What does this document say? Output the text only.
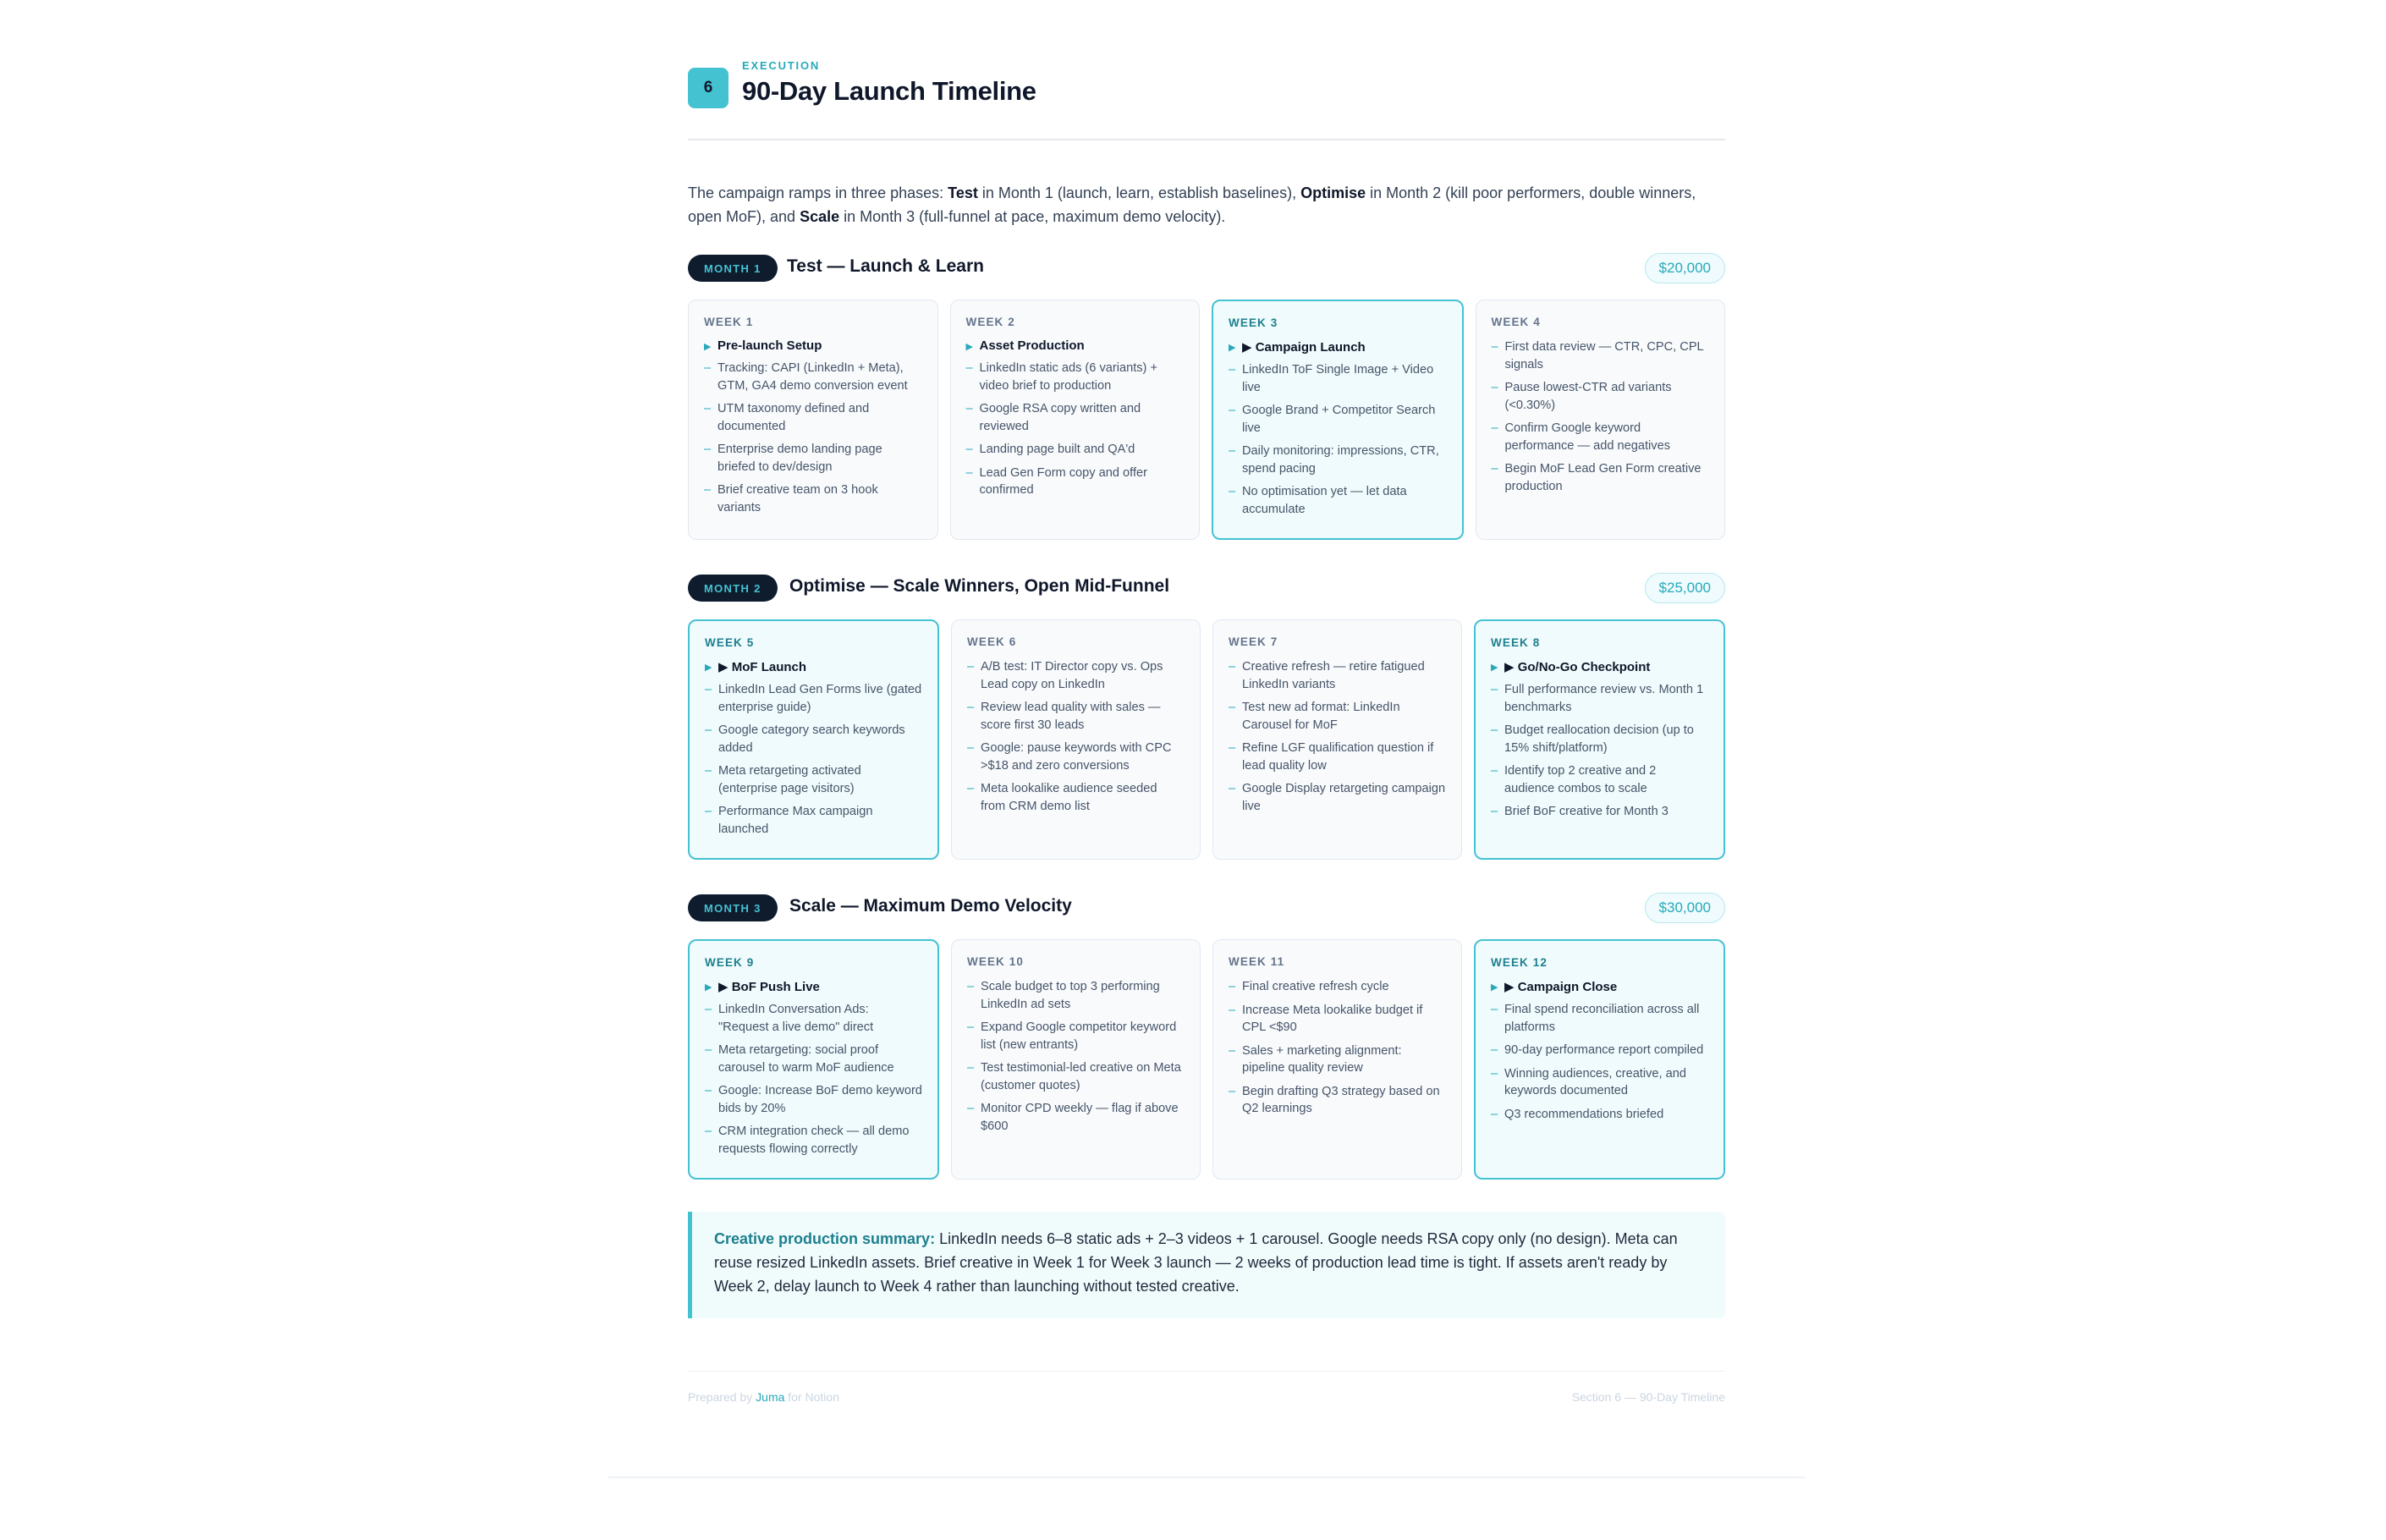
6
EXECUTION
90-Day Launch Timeline

The campaign ramps in three phases: Test in Month 1 (launch, learn, establish baselines), Optimise in Month 2 (kill poor performers, double winners, open MoF), and Scale in Month 3 (full-funnel at pace, maximum demo velocity).

MONTH 1	Test — Launch & Learn	$20,000
WEEK 1
▶ Pre-launch Setup
– Tracking: CAPI (LinkedIn + Meta), GTM, GA4 demo conversion event
– UTM taxonomy defined and documented
– Enterprise demo landing page briefed to dev/design
– Brief creative team on 3 hook variants
WEEK 2
▶ Asset Production
– LinkedIn static ads (6 variants) + video brief to production
– Google RSA copy written and reviewed
– Landing page built and QA'd
– Lead Gen Form copy and offer confirmed
WEEK 3
▶ ▶ Campaign Launch
– LinkedIn ToF Single Image + Video live
– Google Brand + Competitor Search live
– Daily monitoring: impressions, CTR, spend pacing
– No optimisation yet — let data accumulate
WEEK 4
– First data review — CTR, CPC, CPL signals
– Pause lowest-CTR ad variants (<0.30%)
– Confirm Google keyword performance — add negatives
– Begin MoF Lead Gen Form creative production
MONTH 2	Optimise — Scale Winners, Open Mid-Funnel	$25,000
WEEK 5
▶ ▶ MoF Launch
– LinkedIn Lead Gen Forms live (gated enterprise guide)
– Google category search keywords added
– Meta retargeting activated (enterprise page visitors)
– Performance Max campaign launched
WEEK 6
– A/B test: IT Director copy vs. Ops Lead copy on LinkedIn
– Review lead quality with sales — score first 30 leads
– Google: pause keywords with CPC >$18 and zero conversions
– Meta lookalike audience seeded from CRM demo list
WEEK 7
– Creative refresh — retire fatigued LinkedIn variants
– Test new ad format: LinkedIn Carousel for MoF
– Refine LGF qualification question if lead quality low
– Google Display retargeting campaign live
WEEK 8
▶ ▶ Go/No-Go Checkpoint
– Full performance review vs. Month 1 benchmarks
– Budget reallocation decision (up to 15% shift/platform)
– Identify top 2 creative and 2 audience combos to scale
– Brief BoF creative for Month 3
MONTH 3	Scale — Maximum Demo Velocity	$30,000
WEEK 9
▶ ▶ BoF Push Live
– LinkedIn Conversation Ads: "Request a live demo" direct
– Meta retargeting: social proof carousel to warm MoF audience
– Google: Increase BoF demo keyword bids by 20%
– CRM integration check — all demo requests flowing correctly
WEEK 10
– Scale budget to top 3 performing LinkedIn ad sets
– Expand Google competitor keyword list (new entrants)
– Test testimonial-led creative on Meta (customer quotes)
– Monitor CPD weekly — flag if above $600
WEEK 11
– Final creative refresh cycle
– Increase Meta lookalike budget if CPL <$90
– Sales + marketing alignment: pipeline quality review
– Begin drafting Q3 strategy based on Q2 learnings
WEEK 12
▶ ▶ Campaign Close
– Final spend reconciliation across all platforms
– 90-day performance report compiled
– Winning audiences, creative, and keywords documented
– Q3 recommendations briefed
Creative production summary: LinkedIn needs 6–8 static ads + 2–3 videos + 1 carousel. Google needs RSA copy only (no design). Meta can reuse resized LinkedIn assets. Brief creative in Week 1 for Week 3 launch — 2 weeks of production lead time is tight. If assets aren't ready by Week 2, delay launch to Week 4 rather than launching without tested creative.
Prepared by Juma for Notion	Section 6 — 90-Day Timeline
